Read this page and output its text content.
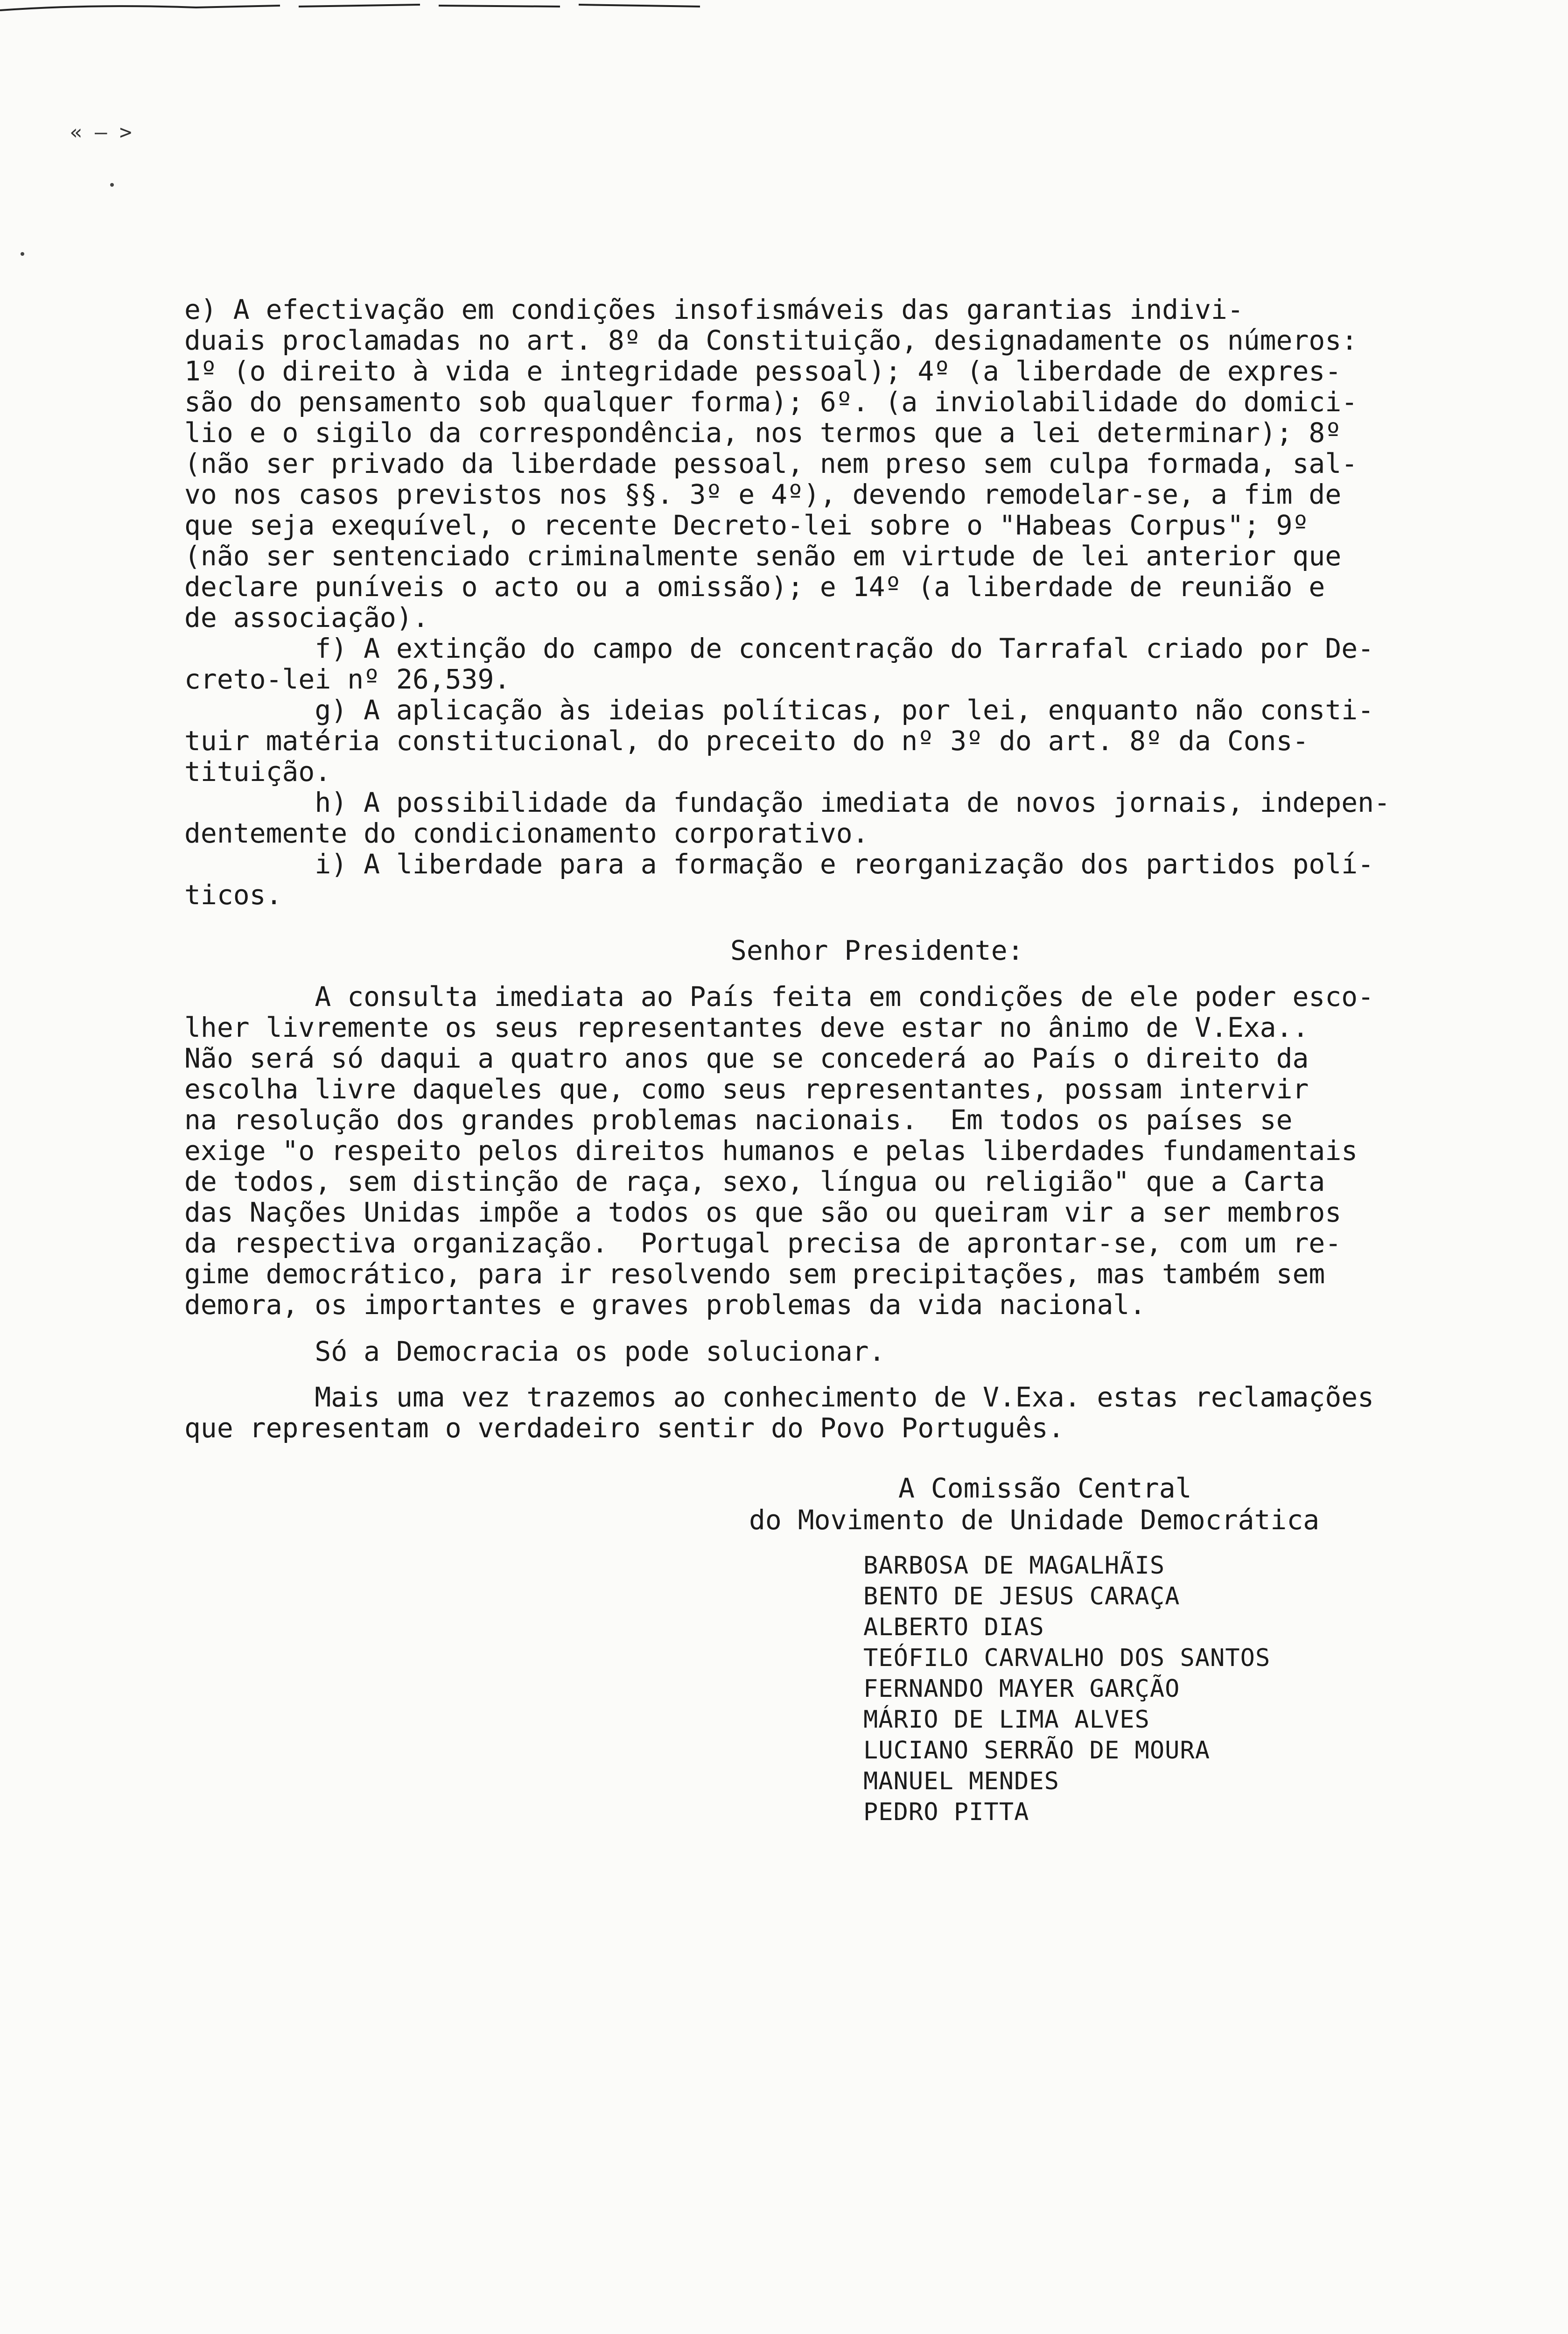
« – >

e) A efectivação em condições insofismáveis das garantias indivi-

duais proclamadas no art. 8º da Constituição, designadamente os números:

1º (o direito à vida e integridade pessoal); 4º (a liberdade de expres-

são do pensamento sob qualquer forma); 6º. (a inviolabilidade do domici-

lio e o sigilo da correspondência, nos termos que a lei determinar); 8º

(não ser privado da liberdade pessoal, nem preso sem culpa formada, sal-

vo nos casos previstos nos §§. 3º e 4º), devendo remodelar-se, a fim de

que seja exequível, o recente Decreto-lei sobre o "Habeas Corpus"; 9º

(não ser sentenciado criminalmente senão em virtude de lei anterior que

declare puníveis o acto ou a omissão); e 14º (a liberdade de reunião e

de associação).

f) A extinção do campo de concentração do Tarrafal criado por De-

creto-lei nº 26,539.

g) A aplicação às ideias políticas, por lei, enquanto não consti-

tuir matéria constitucional, do preceito do nº 3º do art. 8º da Cons-

tituição.

h) A possibilidade da fundação imediata de novos jornais, indepen-

dentemente do condicionamento corporativo.

i) A liberdade para a formação e reorganização dos partidos polí-

ticos.

Senhor Presidente:

A consulta imediata ao País feita em condições de ele poder esco-

lher livremente os seus representantes deve estar no ânimo de V.Exa..

Não será só daqui a quatro anos que se concederá ao País o direito da

escolha livre daqueles que, como seus representantes, possam intervir

na resolução dos grandes problemas nacionais.  Em todos os países se

exige "o respeito pelos direitos humanos e pelas liberdades fundamentais

de todos, sem distinção de raça, sexo, língua ou religião" que a Carta

das Nações Unidas impõe a todos os que são ou queiram vir a ser membros

da respectiva organização.  Portugal precisa de aprontar-se, com um re-

gime democrático, para ir resolvendo sem precipitações, mas também sem

demora, os importantes e graves problemas da vida nacional.

Só a Democracia os pode solucionar.

Mais uma vez trazemos ao conhecimento de V.Exa. estas reclamações

que representam o verdadeiro sentir do Povo Português.

A Comissão Central

do Movimento de Unidade Democrática

BARBOSA DE MAGALHÃIS

BENTO DE JESUS CARAÇA

ALBERTO DIAS

TEÓFILO CARVALHO DOS SANTOS

FERNANDO MAYER GARÇÃO

MÁRIO DE LIMA ALVES

LUCIANO SERRÃO DE MOURA

MANUEL MENDES

PEDRO PITTA
